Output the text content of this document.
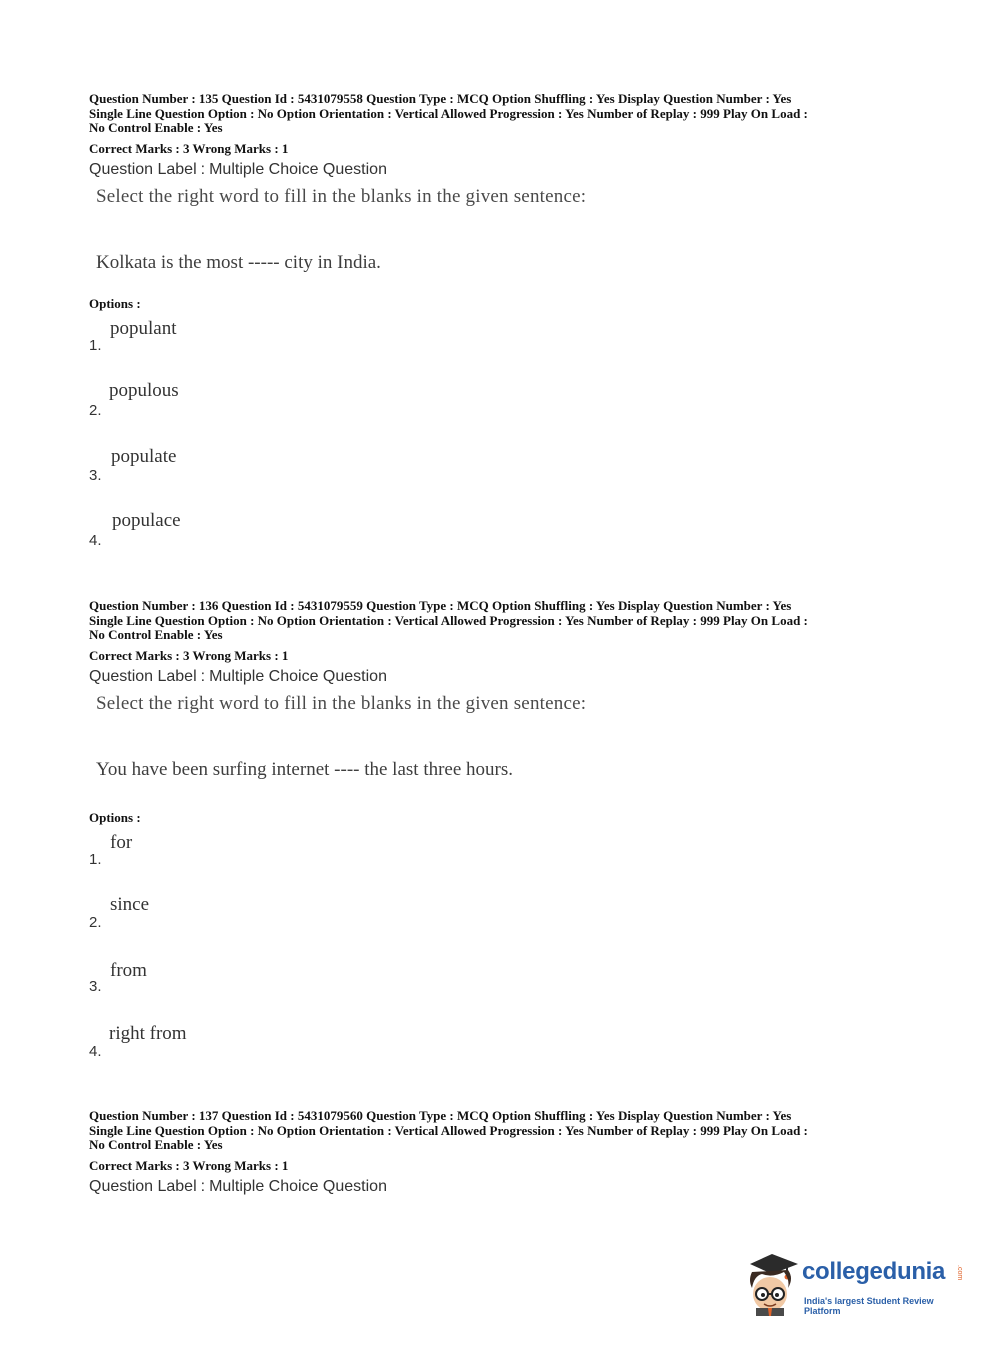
Question Number : 135 Question Id : 5431079558 Question Type : MCQ Option Shuffling : Yes Display Question Number : Yes
Single Line Question Option : No Option Orientation : Vertical Allowed Progression : Yes Number of Replay : 999 Play On Load :
No Control Enable : Yes

Correct Marks : 3 Wrong Marks : 1
Question Label : Multiple Choice Question
Select the right word to fill in the blanks in the given sentence:
Kolkata is the most ----- city in India.
Options :
populant
1.
populous
2.
populate
3.
populace
4.

Question Number : 136 Question Id : 5431079559 Question Type : MCQ Option Shuffling : Yes Display Question Number : Yes
Single Line Question Option : No Option Orientation : Vertical Allowed Progression : Yes Number of Replay : 999 Play On Load :
No Control Enable : Yes

Correct Marks : 3 Wrong Marks : 1
Question Label : Multiple Choice Question
Select the right word to fill in the blanks in the given sentence:
You have been surfing internet ---- the last three hours.
Options :
for
1.
since
2.
from
3.
right from
4.

Question Number : 137 Question Id : 5431079560 Question Type : MCQ Option Shuffling : Yes Display Question Number : Yes
Single Line Question Option : No Option Orientation : Vertical Allowed Progression : Yes Number of Replay : 999 Play On Load :
No Control Enable : Yes

Correct Marks : 3 Wrong Marks : 1
Question Label : Multiple Choice Question
collegedunia .com
India's largest Student Review Platform
